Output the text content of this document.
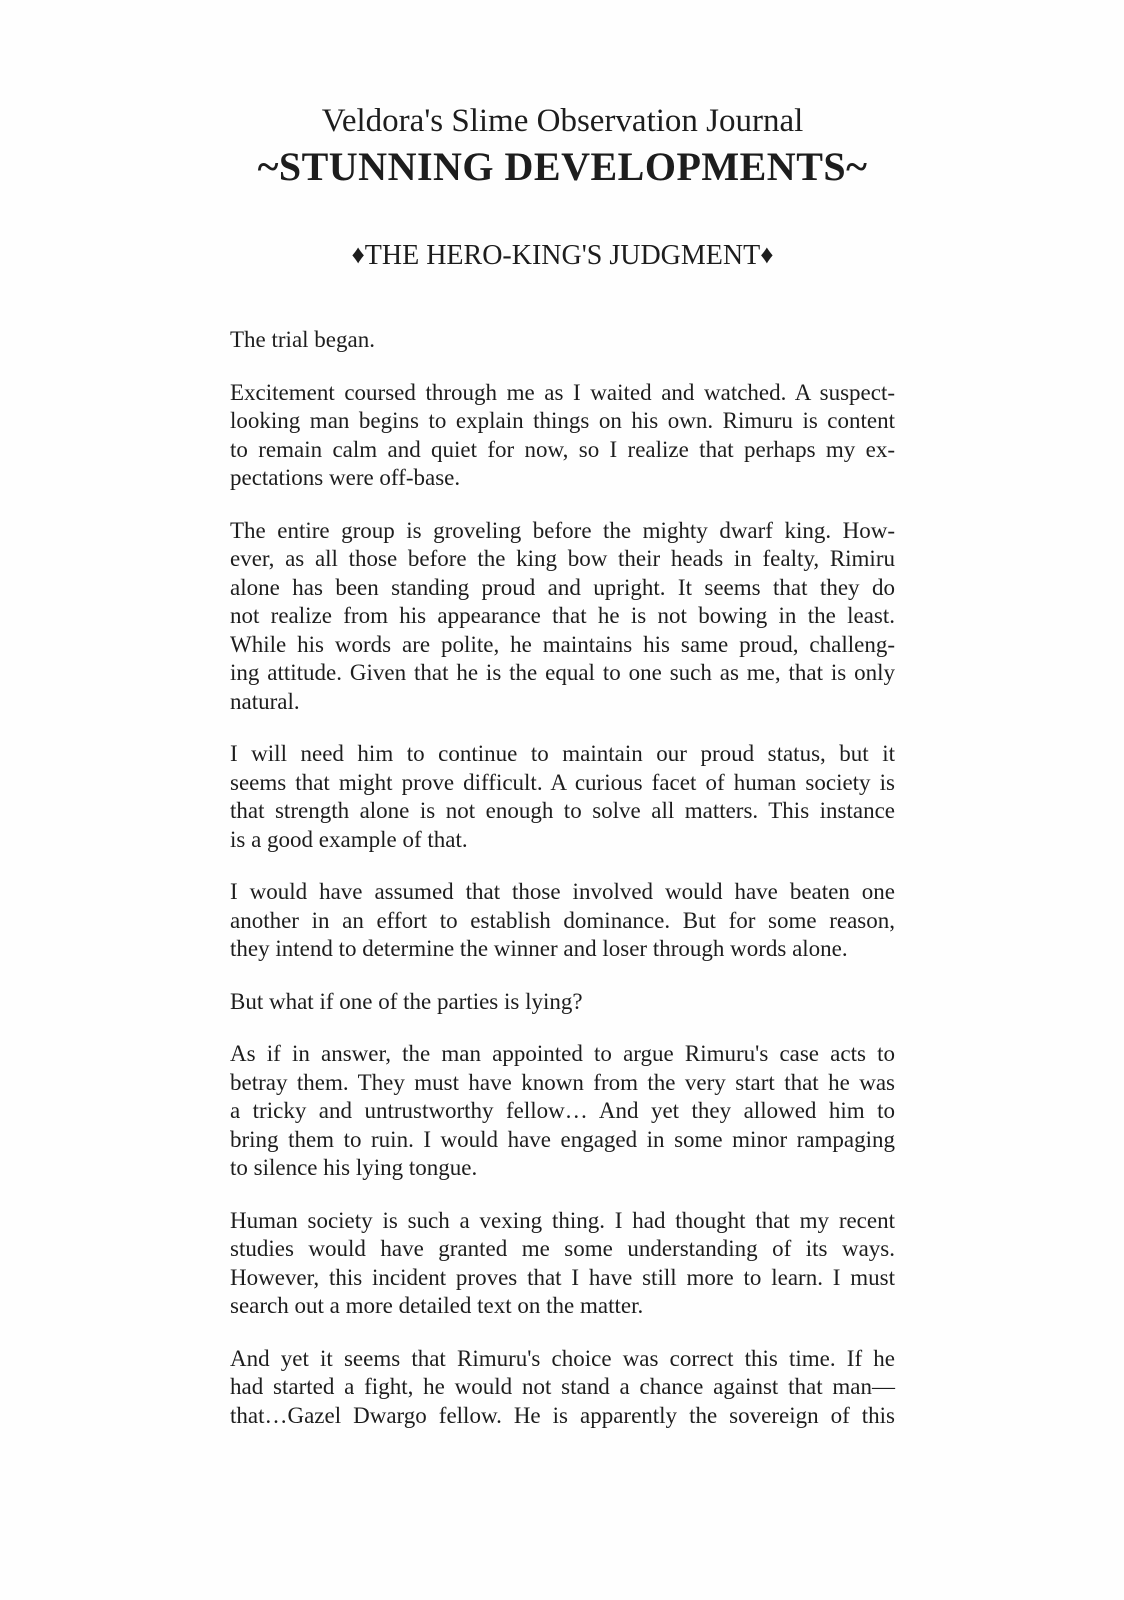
Veldora's Slime Observation Journal
~STUNNING DEVELOPMENTS~
♦THE HERO-KING'S JUDGMENT♦
The trial began.
Excitement coursed through me as I waited and watched. A suspect-
looking man begins to explain things on his own. Rimuru is content
to remain calm and quiet for now, so I realize that perhaps my ex-
pectations were off-base.
The entire group is groveling before the mighty dwarf king. How-
ever, as all those before the king bow their heads in fealty, Rimiru
alone has been standing proud and upright. It seems that they do
not realize from his appearance that he is not bowing in the least.
While his words are polite, he maintains his same proud, challeng-
ing attitude. Given that he is the equal to one such as me, that is only
natural.
I will need him to continue to maintain our proud status, but it
seems that might prove difficult. A curious facet of human society is
that strength alone is not enough to solve all matters. This instance
is a good example of that.
I would have assumed that those involved would have beaten one
another in an effort to establish dominance. But for some reason,
they intend to determine the winner and loser through words alone.
But what if one of the parties is lying?
As if in answer, the man appointed to argue Rimuru's case acts to
betray them. They must have known from the very start that he was
a tricky and untrustworthy fellow… And yet they allowed him to
bring them to ruin. I would have engaged in some minor rampaging
to silence his lying tongue.
Human society is such a vexing thing. I had thought that my recent
studies would have granted me some understanding of its ways.
However, this incident proves that I have still more to learn. I must
search out a more detailed text on the matter.
And yet it seems that Rimuru's choice was correct this time. If he
had started a fight, he would not stand a chance against that man—
that…Gazel Dwargo fellow. He is apparently the sovereign of this
